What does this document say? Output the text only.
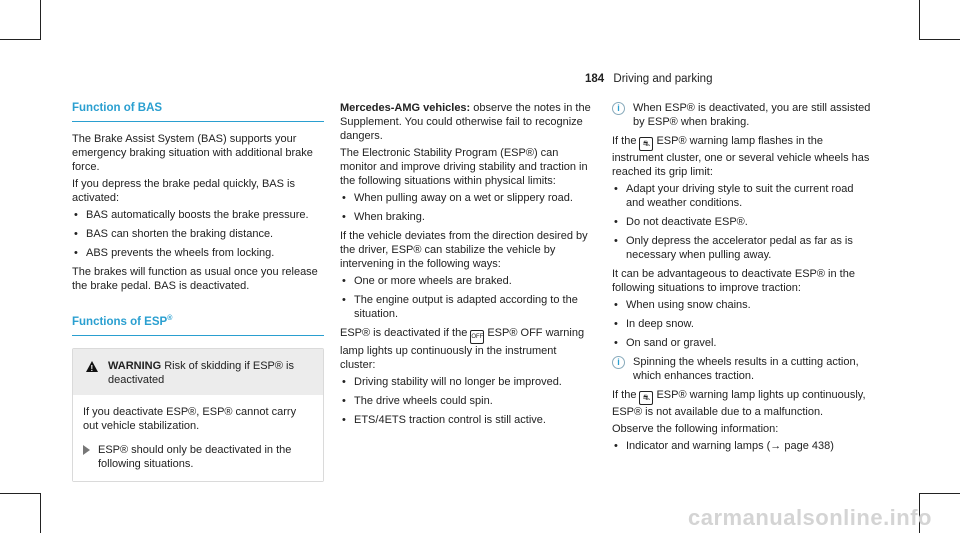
184 Driving and parking
Function of BAS

The Brake Assist System (BAS) supports your emergency braking situation with additional brake force.

If you depress the brake pedal quickly, BAS is activated:

• BAS automatically boosts the brake pressure.
• BAS can shorten the braking distance.
• ABS prevents the wheels from locking.

The brakes will function as usual once you release the brake pedal. BAS is deactivated.

Functions of ESP®
!
WARNING Risk of skidding if ESP® is deactivated

If you deactivate ESP®, ESP® cannot carry out vehicle stabilization.

ESP® should only be deactivated in the following situations.

Mercedes-AMG vehicles: observe the notes in the Supplement. You could otherwise fail to recognize dangers.

The Electronic Stability Program (ESP®) can monitor and improve driving stability and traction in the following situations within physical limits:

• When pulling away on a wet or slippery road.
• When braking.

If the vehicle deviates from the direction desired by the driver, ESP® can stabilize the vehicle by intervening in the following ways:

• One or more wheels are braked.
• The engine output is adapted according to the situation.

ESP® is deactivated if the OFF ESP® OFF warning lamp lights up continuously in the instrument cluster:

• Driving stability will no longer be improved.
• The drive wheels could spin.
• ETS/4ETS traction control is still active.
i	When ESP® is deactivated, you are still assisted by ESP® when braking.

If the ⛐ ESP® warning lamp flashes in the instrument cluster, one or several vehicle wheels has reached its grip limit:

• Adapt your driving style to suit the current road and weather conditions.
• Do not deactivate ESP®.
• Only depress the accelerator pedal as far as is necessary when pulling away.

It can be advantageous to deactivate ESP® in the following situations to improve traction:

• When using snow chains.
• In deep snow.
• On sand or gravel.
i	Spinning the wheels results in a cutting action, which enhances traction.

If the ⛐ ESP® warning lamp lights up continuously, ESP® is not available due to a malfunction.

Observe the following information:

• Indicator and warning lamps (→ page 438)
carmanualsonline.info
